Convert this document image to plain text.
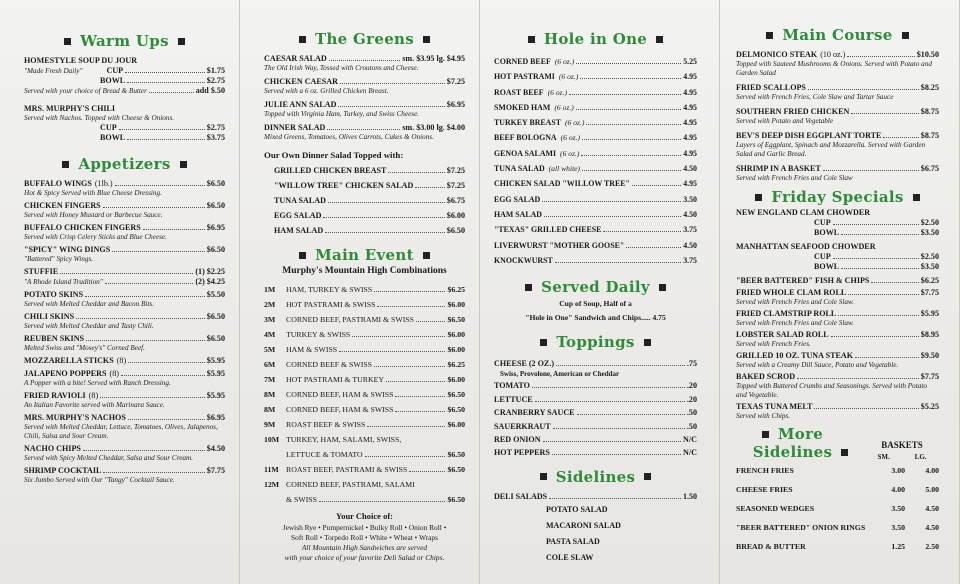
Warm Ups
HOMESTYLE SOUP DU JOUR
"Made Fresh Daily"	CUP	$1.75
BOWL	$2.75
Served with your choice of Bread & Butter	add $.50
MRS. MURPHY'S CHILI
Served with Nachos. Topped with Cheese & Onions.
CUP	$2.75
BOWL	$3.75
Appetizers
BUFFALO WINGS (1lb.)	$6.50
Hot & Spicy Served with Blue Cheese Dressing.
CHICKEN FINGERS	$6.50
Served with Honey Mustard or Barbecue Sauce.
BUFFALO CHICKEN FINGERS	$6.95
Served with Crisp Celery Sticks and Blue Cheese.
"SPICY" WING DINGS	$6.50
"Battered" Spicy Wings.
STUFFIE	(1) $2.25
"A Rhode Island Tradition"	(2) $4.25
POTATO SKINS	$5.50
Served with Melted Cheddar and Bacon Bits.
CHILI SKINS	$6.50
Served with Melted Cheddar and Tasty Chili.
REUBEN SKINS	$6.50
Melted Swiss and "Mosey's" Corned Beef.
MOZZARELLA STICKS (8)	$5.95
JALAPENO POPPERS (8)	$5.95
A Popper with a bite! Served with Ranch Dressing.
FRIED RAVIOLI (8)	$5.95
An Italian Favorite served with Marinara Sauce.
MRS. MURPHY'S NACHOS	$6.95
Served with Melted Cheddar, Lettuce, Tomatoes, Olives, Jalapenos, Chili, Salsa and Sour Cream.
NACHO CHIPS	$4.50
Served with Spicy Melted Cheddar, Salsa and Sour Cream.
SHRIMP COCKTAIL	$7.75
Six Jumbo Served with Our "Tangy" Cocktail Sauce.
The Greens
CAESAR SALAD	sm. $3.95 lg. $4.95
The Old Irish Way, Tossed with Croutons and Cheese.
CHICKEN CAESAR	$7.25
Served with a 6 oz. Grilled Chicken Breast.
JULIE ANN SALAD	$6.95
Topped with Virginia Ham, Turkey, and Swiss Cheese.
DINNER SALAD	sm. $3.00 lg. $4.00
Mixed Greens, Tomatoes, Olives Carrots, Cukes & Onions.
Our Own Dinner Salad Topped with:
GRILLED CHICKEN BREAST	$7.25
"WILLOW TREE" CHICKEN SALAD	$7.25
TUNA SALAD	$6.75
EGG SALAD	$6.00
HAM SALAD	$6.50
Main Event
Murphy's Mountain High Combinations
1M	HAM, TURKEY & SWISS	$6.25
2M	HOT PASTRAMI & SWISS	$6.00
3M	CORNED BEEF, PASTRAMI & SWISS	$6.50
4M	TURKEY & SWISS	$6.00
5M	HAM & SWISS	$6.00
6M	CORNED BEEF & SWISS	$6.25
7M	HOT PASTRAMI & TURKEY	$6.00
8M	CORNED BEEF, HAM & SWISS	$6.50
8M	CORNED BEEF, HAM & SWISS	$6.50
9M	ROAST BEEF & SWISS	$6.00
10M TURKEY, HAM, SALAMI, SWISS,
LETTUCE & TOMATO	$6.50
11M ROAST BEEF, PASTRAMI & SWISS	$6.50
12M CORNED BEEF, PASTRAMI, SALAMI
& SWISS	$6.50
Your Choice of:
Jewish Rye • Pumpernickel • Bulky Roll • Onion Roll •
Soft Roll • Torpedo Roll • White • Wheat • Wraps
All Mountain High Sandwiches are served
with your choice of your favorite Deli Salad or Chips.
Hole in One
CORNED BEEF (6 oz.)	5.25
HOT PASTRAMI (6 oz.)	4.95
ROAST BEEF (6 oz.)	4.95
SMOKED HAM (6 oz.)	4.95
TURKEY BREAST (6 oz.)	4.95
BEEF BOLOGNA (6 oz.)	4.95
GENOA SALAMI (6 oz.)	4.95
TUNA SALAD (all white)	4.50
CHICKEN SALAD "WILLOW TREE"	4.95
EGG SALAD	3.50
HAM SALAD	4.50
"TEXAS" GRILLED CHEESE	3.75
LIVERWURST "MOTHER GOOSE"	4.50
KNOCKWURST	3.75
Served Daily
Cup of Soup, Half of a
"Hole in One" Sandwich and Chips..... 4.75
Toppings
CHEESE (2 OZ.)	.75
Swiss, Provolone, American or Cheddar
TOMATO	.20
LETTUCE	.20
CRANBERRY SAUCE	.50
SAUERKRAUT	.50
RED ONION	N/C
HOT PEPPERS	N/C
Sidelines
DELI SALADS	1.50
POTATO SALAD
MACARONI SALAD
PASTA SALAD
COLE SLAW
Main Course
DELMONICO STEAK (10 oz.)	$10.50
Topped with Sauteed Mushrooms & Onions. Served with Potato and Garden Salad
FRIED SCALLOPS	$8.25
Served with French Fries, Cole Slaw and Tartar Sauce
SOUTHERN FRIED CHICKEN	$8.75
Served with Potato and Vegetable
BEV'S DEEP DISH EGGPLANT TORTE	$8.75
Layers of Eggplant, Spinach and Mozzarella. Served with Garden Salad and Garlic Bread.
SHRIMP IN A BASKET	$6.75
Served with French Fries and Cole Slaw
Friday Specials
NEW ENGLAND CLAM CHOWDER
CUP	$2.50
BOWL	$3.50
MANHATTAN SEAFOOD CHOWDER
CUP	$2.50
BOWL	$3.50
"BEER BATTERED" FISH & CHIPS	$6.25
FRIED WHOLE CLAM ROLL	$7.75
Served with French Fries and Cole Slaw.
FRIED CLAMSTRIP ROLL	$5.95
Served with French Fries and Cole Slaw.
LOBSTER SALAD ROLL	$8.95
Served with French Fries.
GRILLED 10 OZ. TUNA STEAK	$9.50
Served with a Creamy Dill Sauce, Potato and Vegetable.
BAKED SCROD	$7.75
Topped with Buttered Crumbs and Seasonings. Served with Potato and Vegetable.
TEXAS TUNA MELT	$5.25
Served with Chips.
More
Sidelines	BASKETS
SM.	LG.
FRENCH FRIES	3.00	4.00
CHEESE FRIES	4.00	5.00
SEASONED WEDGES	3.50	4.50
"BEER BATTERED" ONION RINGS	3.50	4.50
BREAD & BUTTER	1.25	2.50
